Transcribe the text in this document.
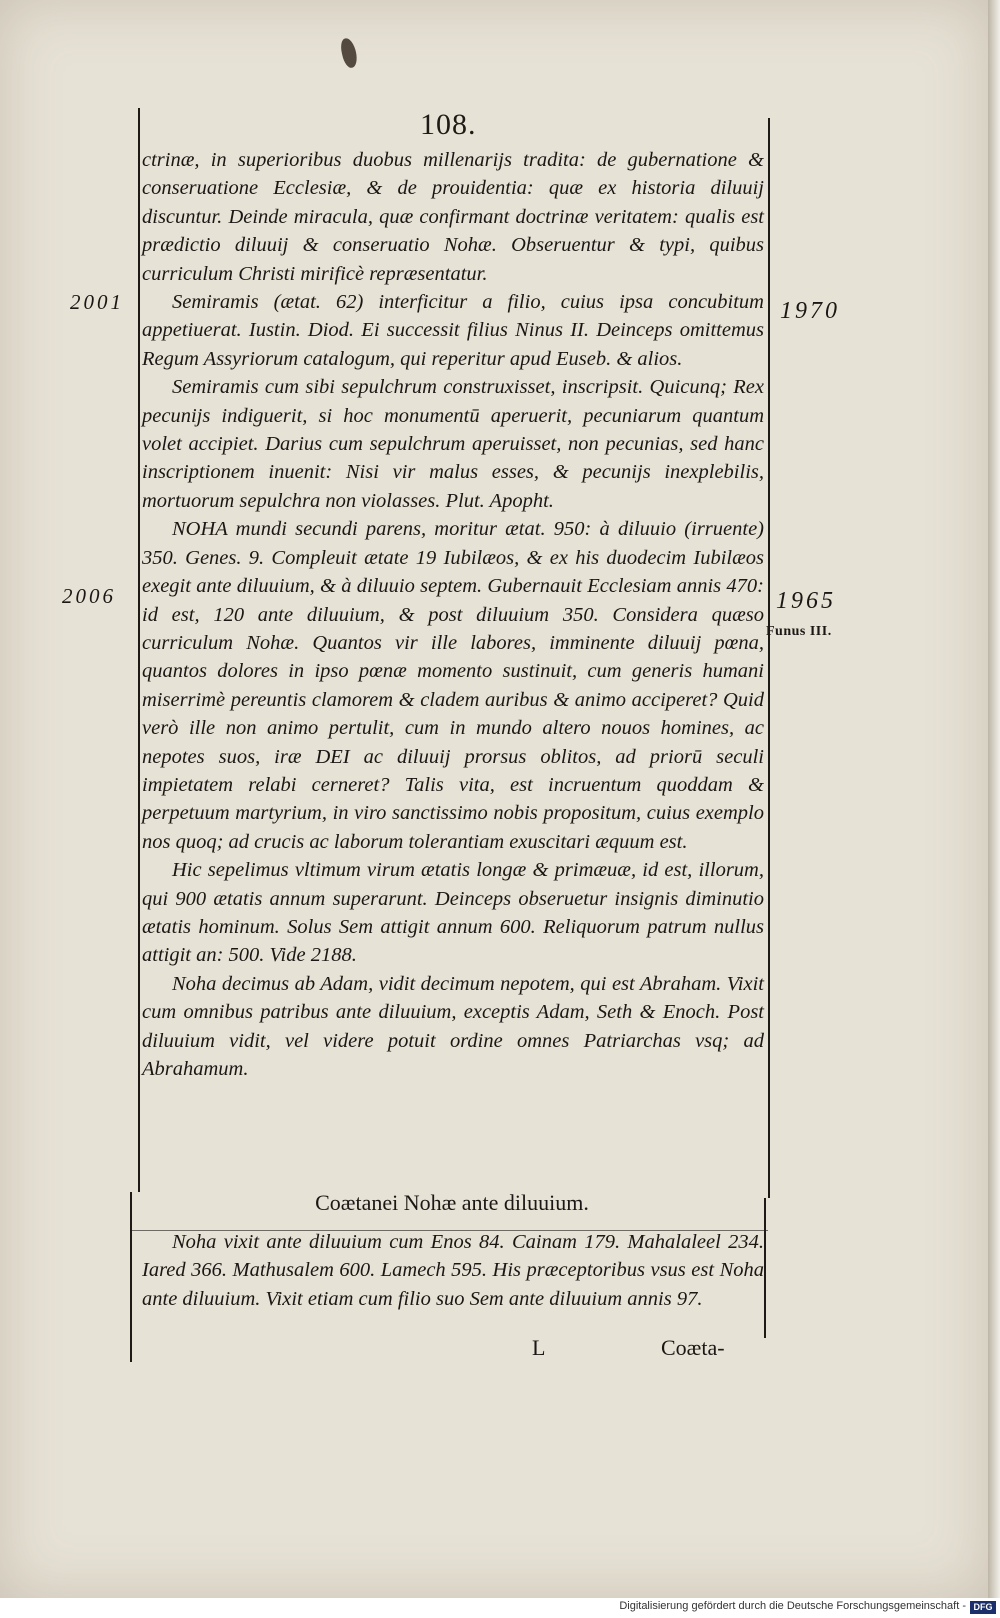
108.
2001	1970
2006	1965
Funus III.

ctrinæ, in superioribus duobus millenarijs tradita: de gubernatione & conseruatione Ecclesiæ, & de prouidentia: quæ ex historia diluuij discuntur. Deinde miracula, quæ confirmant doctrinæ veritatem: qualis est prædictio diluuij & conseruatio Nohæ. Obseruentur & typi, quibus curriculum Christi mirificè repræsentatur.

Semiramis (ætat. 62) interficitur a filio, cuius ipsa concubitum appetiuerat. Iustin. Diod. Ei successit filius Ninus II. Deinceps omittemus Regum Assyriorum catalogum, qui reperitur apud Euseb. & alios.

Semiramis cum sibi sepulchrum construxisset, inscripsit. Quicunq; Rex pecunijs indiguerit, si hoc monumentū aperuerit, pecuniarum quantum volet accipiet. Darius cum sepulchrum aperuisset, non pecunias, sed hanc inscriptionem inuenit: Nisi vir malus esses, & pecunijs inexplebilis, mortuorum sepulchra non violasses. Plut. Apopht.

NOHA mundi secundi parens, moritur ætat. 950: à diluuio (irruente) 350. Genes. 9. Compleuit ætate 19 Iubilæos, & ex his duodecim Iubilæos exegit ante diluuium, & à diluuio septem. Gubernauit Ecclesiam annis 470: id est, 120 ante diluuium, & post diluuium 350. Considera quæso curriculum Nohæ. Quantos vir ille labores, imminente diluuij pœna, quantos dolores in ipso pœnæ momento sustinuit, cum generis humani miserrimè pereuntis clamorem & cladem auribus & animo acciperet? Quid verò ille non animo pertulit, cum in mundo altero nouos homines, ac nepotes suos, iræ DEI ac diluuij prorsus oblitos, ad priorū seculi impietatem relabi cerneret? Talis vita, est incruentum quoddam & perpetuum martyrium, in viro sanctissimo nobis propositum, cuius exemplo nos quoq; ad crucis ac laborum tolerantiam exuscitari æquum est.

Hic sepelimus vltimum virum ætatis longæ & primæuæ, id est, illorum, qui 900 ætatis annum superarunt. Deinceps obseruetur insignis diminutio ætatis hominum. Solus Sem attigit annum 600. Reliquorum patrum nullus attigit an: 500. Vide 2188.

Noha decimus ab Adam, vidit decimum nepotem, qui est Abraham. Vixit cum omnibus patribus ante diluuium, exceptis Adam, Seth & Enoch. Post diluuium vidit, vel videre potuit ordine omnes Patriarchas vsq; ad Abrahamum.

Coætanei Nohæ ante diluuium.

Noha vixit ante diluuium cum Enos 84. Cainam 179. Mahalaleel 234. Iared 366. Mathusalem 600. Lamech 595. His præceptoribus vsus est Noha ante diluuium. Vixit etiam cum filio suo Sem ante diluuium annis 97.

L	Coæta-
Digitalisierung gefördert durch die Deutsche Forschungsgemeinschaft - DFG
